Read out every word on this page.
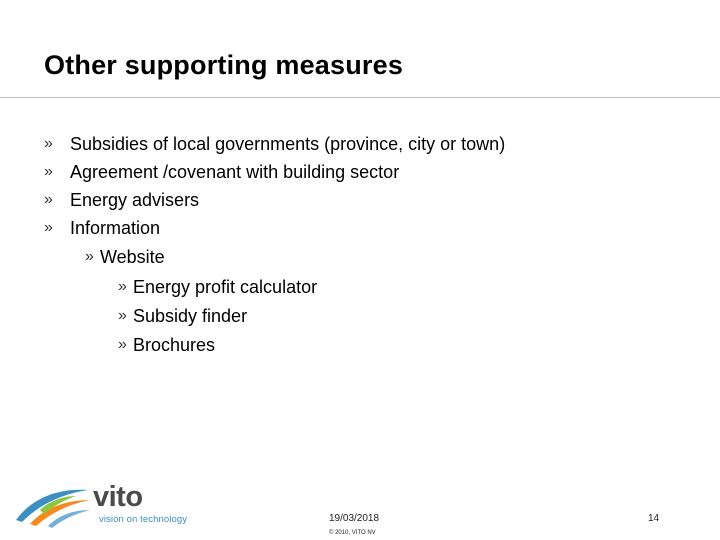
Other supporting measures
» Subsidies of local governments (province, city or town)
» Agreement /covenant with building sector
» Energy advisers
» Information
» Website
» Energy profit calculator
» Subsidy finder
» Brochures
vito
vision on technology	19/03/2018
© 2010, VITO NV
14
